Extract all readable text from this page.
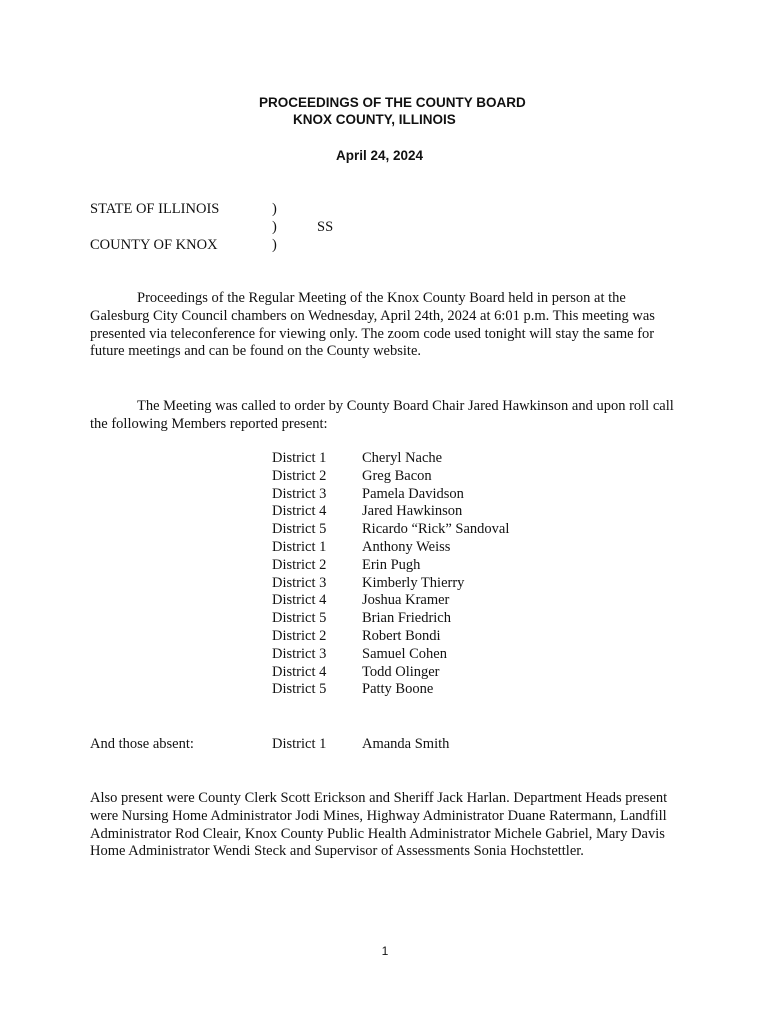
PROCEEDINGS OF THE COUNTY BOARD
KNOX COUNTY, ILLINOIS
April 24, 2024
STATE OF ILLINOIS	)
)	SS
COUNTY OF KNOX	)
Proceedings of the Regular Meeting of the Knox County Board held in person at the Galesburg City Council chambers on Wednesday, April 24th, 2024 at 6:01 p.m. This meeting was presented via teleconference for viewing only. The zoom code used tonight will stay the same for future meetings and can be found on the County website.
The Meeting was called to order by County Board Chair Jared Hawkinson and upon roll call the following Members reported present:
District 1	Cheryl Nache
District 2	Greg Bacon
District 3	Pamela Davidson
District 4	Jared Hawkinson
District 5	Ricardo “Rick” Sandoval
District 1	Anthony Weiss
District 2	Erin Pugh
District 3	Kimberly Thierry
District 4	Joshua Kramer
District 5	Brian Friedrich
District 2	Robert Bondi
District 3	Samuel Cohen
District 4	Todd Olinger
District 5	Patty Boone
And those absent:	District 1 Amanda Smith
Also present were County Clerk Scott Erickson and Sheriff Jack Harlan. Department Heads present were Nursing Home Administrator Jodi Mines, Highway Administrator Duane Ratermann, Landfill Administrator Rod Cleair, Knox County Public Health Administrator Michele Gabriel, Mary Davis Home Administrator Wendi Steck and Supervisor of Assessments Sonia Hochstettler.
1
